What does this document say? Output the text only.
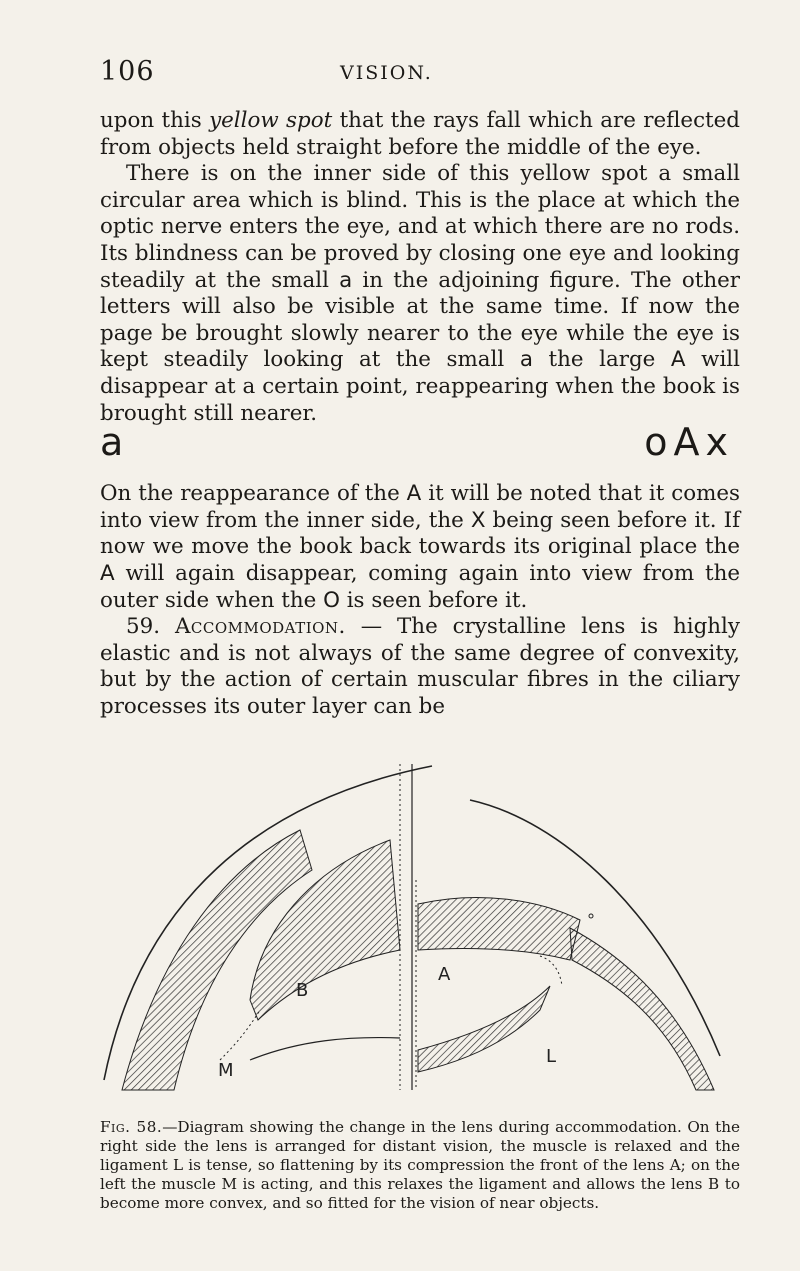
106	VISION.

upon this yellow spot that the rays fall which are reflected from objects held straight before the middle of the eye.

There is on the inner side of this yellow spot a small circular area which is blind. This is the place at which the optic nerve enters the eye, and at which there are no rods. Its blindness can be proved by closing one eye and looking steadily at the small a in the adjoining figure. The other letters will also be visible at the same time. If now the page be brought slowly nearer to the eye while the eye is kept steadily looking at the small a the large A will disappear at a certain point, reappearing when the book is brought still nearer.

a	o A x

On the reappearance of the A it will be noted that it comes into view from the inner side, the X being seen before it. If now we move the book back towards its original place the A will again disappear, coming again into view from the outer side when the O is seen before it.

59. Accommodation. — The crystalline lens is highly elastic and is not always of the same degree of convexity, but by the action of certain muscular fibres in the ciliary processes its outer layer can be

B
M
A
L
Fig. 58.—Diagram showing the change in the lens during accommodation. On the right side the lens is arranged for distant vision, the muscle is relaxed and the ligament L is tense, so flattening by its compression the front of the lens A; on the left the muscle M is acting, and this relaxes the ligament and allows the lens B to become more convex, and so fitted for the vision of near objects.
